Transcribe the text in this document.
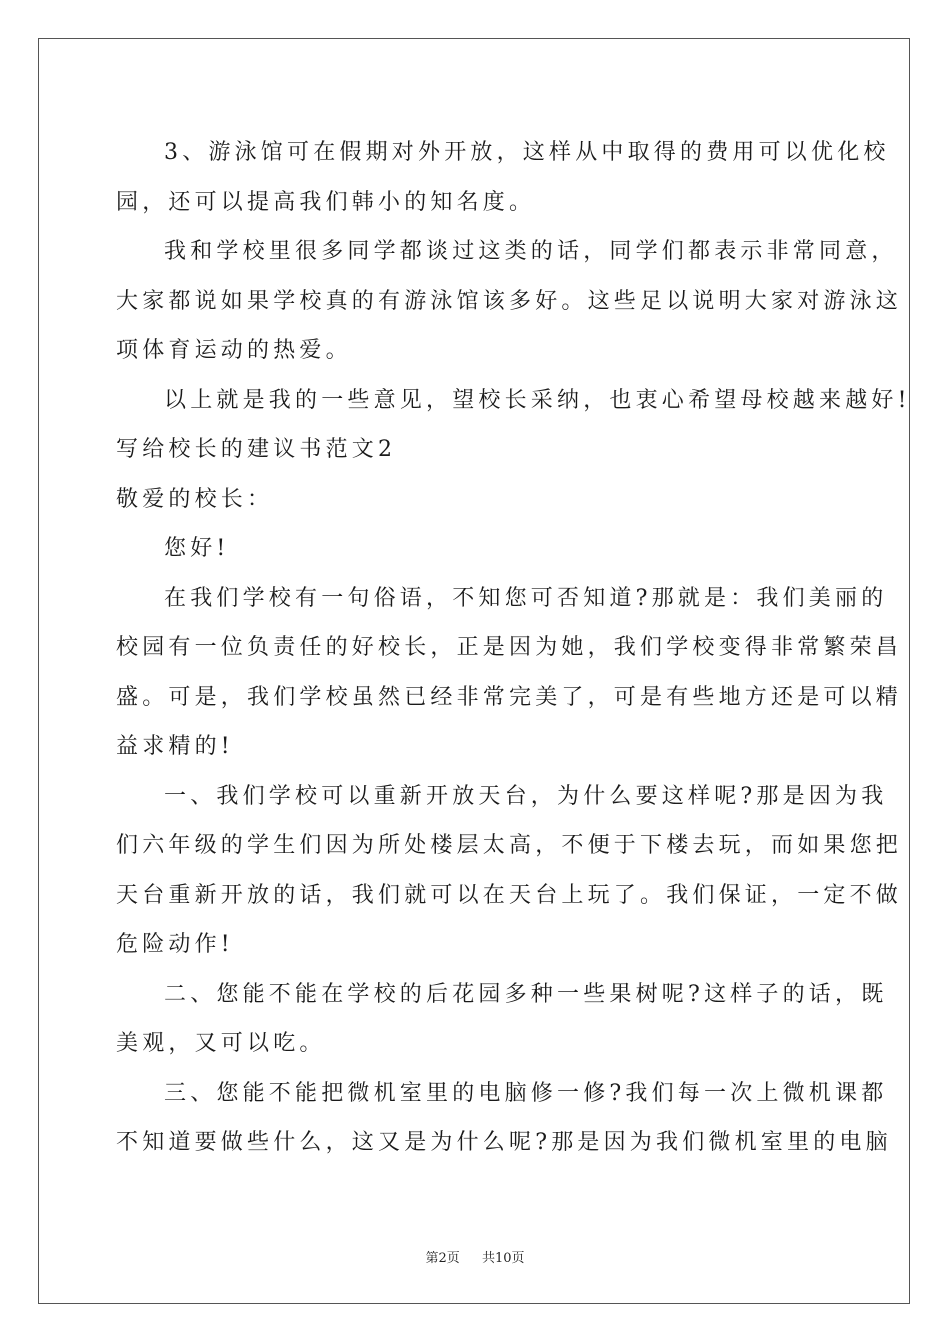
3、游泳馆可在假期对外开放，这样从中取得的费用可以优化校
园，还可以提高我们韩小的知名度。
我和学校里很多同学都谈过这类的话，同学们都表示非常同意，
大家都说如果学校真的有游泳馆该多好。这些足以说明大家对游泳这
项体育运动的热爱。
以上就是我的一些意见，望校长采纳，也衷心希望母校越来越好!
写给校长的建议书范文2
敬爱的校长：
您好!
在我们学校有一句俗语，不知您可否知道?那就是：我们美丽的
校园有一位负责任的好校长，正是因为她，我们学校变得非常繁荣昌
盛。可是，我们学校虽然已经非常完美了，可是有些地方还是可以精
益求精的!
一、我们学校可以重新开放天台，为什么要这样呢?那是因为我
们六年级的学生们因为所处楼层太高，不便于下楼去玩，而如果您把
天台重新开放的话，我们就可以在天台上玩了。我们保证，一定不做
危险动作!
二、您能不能在学校的后花园多种一些果树呢?这样子的话，既
美观，又可以吃。
三、您能不能把微机室里的电脑修一修?我们每一次上微机课都
不知道要做些什么，这又是为什么呢?那是因为我们微机室里的电脑
第2页 共10页
